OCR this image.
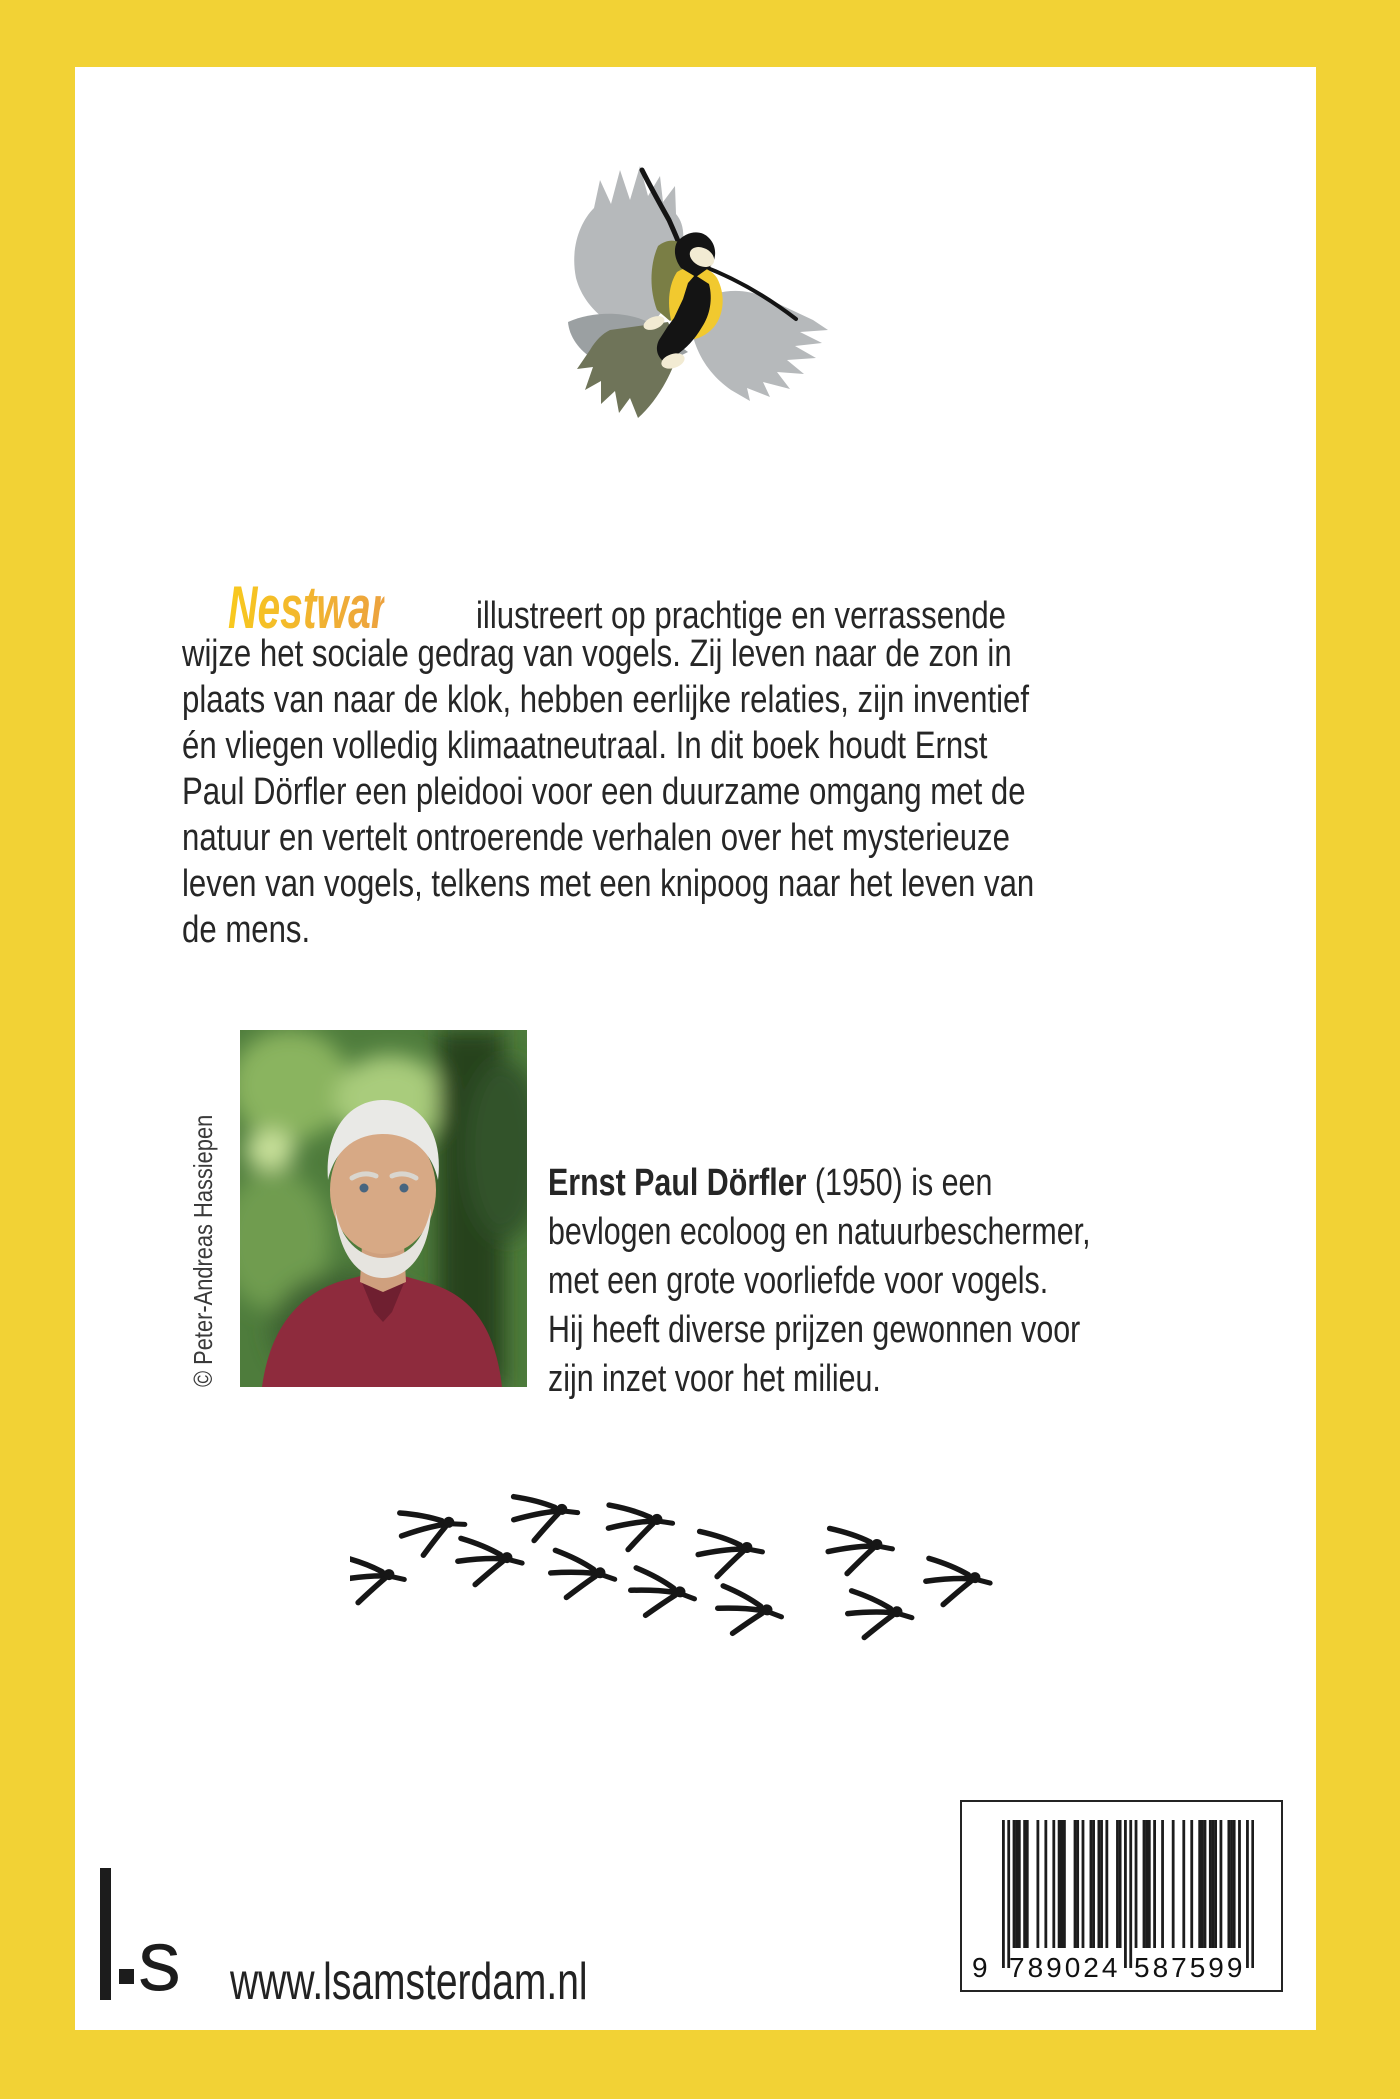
Nestwarmte illustreert op prachtige en verrassende
wijze het sociale gedrag van vogels. Zij leven naar de zon in
plaats van naar de klok, hebben eerlijke relaties, zijn inventief
én vliegen volledig klimaatneutraal. In dit boek houdt Ernst
Paul Dörfler een pleidooi voor een duurzame omgang met de
natuur en vertelt ontroerende verhalen over het mysterieuze
leven van vogels, telkens met een knipoog naar het leven van
de mens.
© Peter-Andreas Hassiepen	Ernst Paul Dörfler (1950) is een
bevlogen ecoloog en natuurbeschermer,
met een grote voorliefde voor vogels.
Hij heeft diverse prijzen gewonnen voor
zijn inzet voor het milieu.
s www.lsamsterdam.nl	9 789024 587599
